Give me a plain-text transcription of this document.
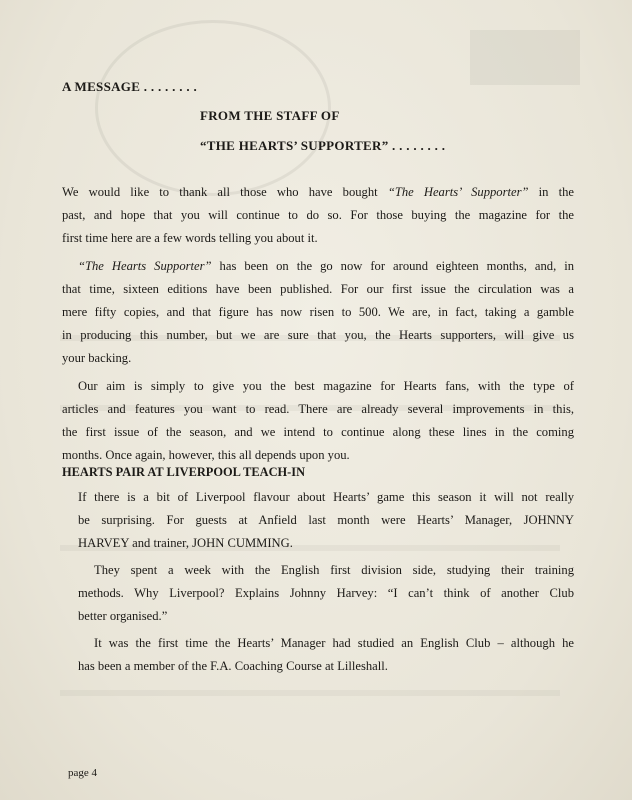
A MESSAGE . . . . . . . .
FROM THE STAFF OF
“THE HEARTS’ SUPPORTER” . . . . . . . .
We would like to thank all those who have bought “The Hearts’ Supporter” in the
past, and hope that you will continue to do so. For those buying the magazine for the
first time here are a few words telling you about it.
“The Hearts Supporter” has been on the go now for around eighteen months, and, in
that time, sixteen editions have been published. For our first issue the circulation was a
mere fifty copies, and that figure has now risen to 500. We are, in fact, taking a gamble
in producing this number, but we are sure that you, the Hearts supporters, will give us
your backing.
Our aim is simply to give you the best magazine for Hearts fans, with the type of
articles and features you want to read. There are already several improvements in this,
the first issue of the season, and we intend to continue along these lines in the coming
months. Once again, however, this all depends upon you.
HEARTS PAIR AT LIVERPOOL TEACH-IN
If there is a bit of Liverpool flavour about Hearts’ game this season it will not really
be surprising. For guests at Anfield last month were Hearts’ Manager, JOHNNY
HARVEY and trainer, JOHN CUMMING.
They spent a week with the English first division side, studying their training
methods. Why Liverpool? Explains Johnny Harvey: “I can’t think of another Club
better organised.”
It was the first time the Hearts’ Manager had studied an English Club – although he
has been a member of the F.A. Coaching Course at Lilleshall.
page 4
